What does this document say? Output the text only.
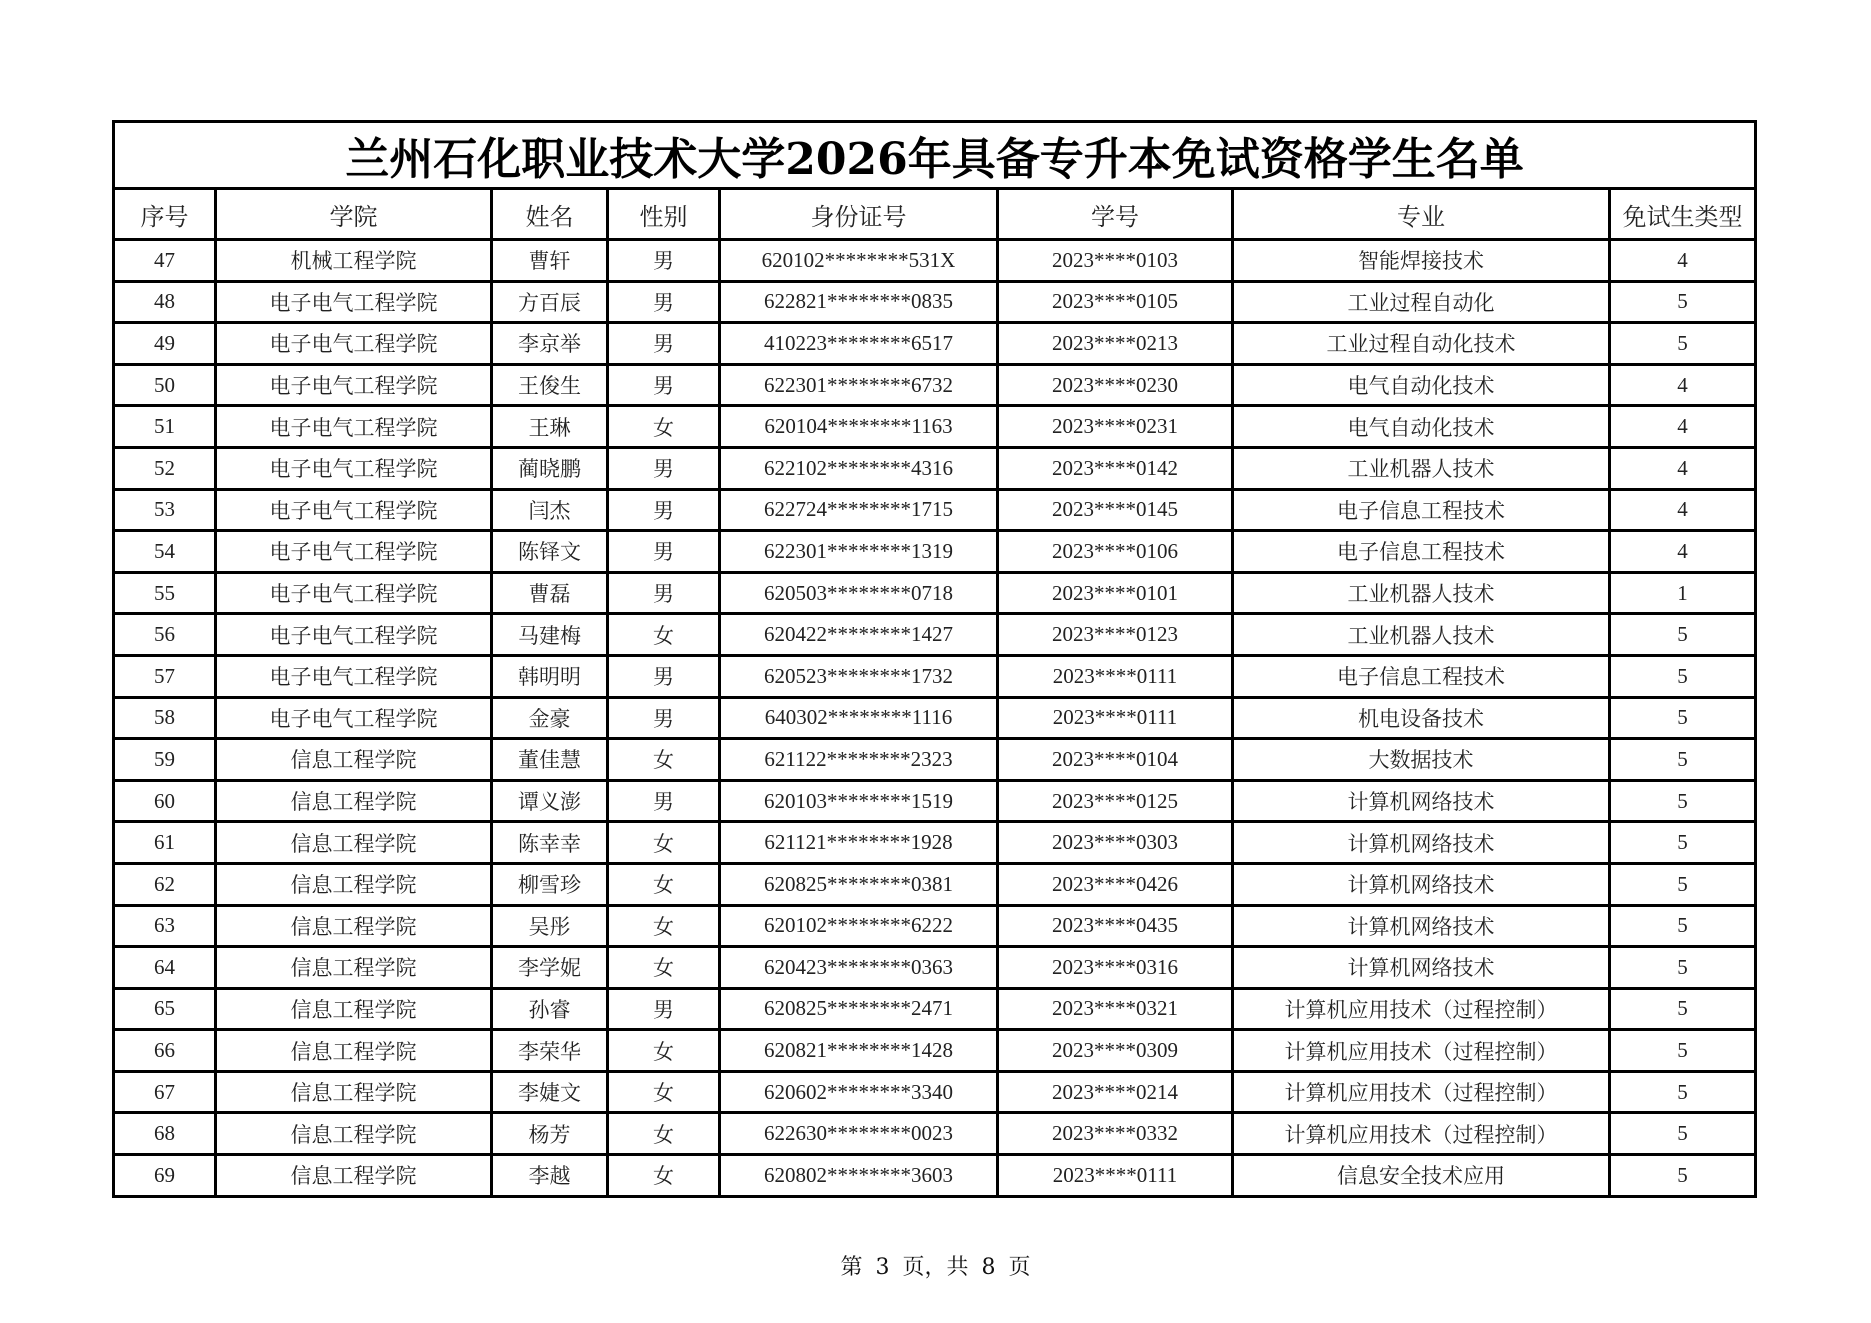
兰州石化职业技术大学2026年具备专升本免试资格学生名单							
序号	学院	姓名	性别	身份证号	学号	专业	免试生类型
47	机械工程学院	曹轩	男	620102********531X	2023****0103	智能焊接技术	4
48	电子电气工程学院	方百辰	男	622821********0835	2023****0105	工业过程自动化	5
49	电子电气工程学院	李京举	男	410223********6517	2023****0213	工业过程自动化技术	5
50	电子电气工程学院	王俊生	男	622301********6732	2023****0230	电气自动化技术	4
51	电子电气工程学院	王琳	女	620104********1163	2023****0231	电气自动化技术	4
52	电子电气工程学院	蔺晓鹏	男	622102********4316	2023****0142	工业机器人技术	4
53	电子电气工程学院	闫杰	男	622724********1715	2023****0145	电子信息工程技术	4
54	电子电气工程学院	陈铎文	男	622301********1319	2023****0106	电子信息工程技术	4
55	电子电气工程学院	曹磊	男	620503********0718	2023****0101	工业机器人技术	1
56	电子电气工程学院	马建梅	女	620422********1427	2023****0123	工业机器人技术	5
57	电子电气工程学院	韩明明	男	620523********1732	2023****0111	电子信息工程技术	5
58	电子电气工程学院	金豪	男	640302********1116	2023****0111	机电设备技术	5
59	信息工程学院	董佳慧	女	621122********2323	2023****0104	大数据技术	5
60	信息工程学院	谭义澎	男	620103********1519	2023****0125	计算机网络技术	5
61	信息工程学院	陈幸幸	女	621121********1928	2023****0303	计算机网络技术	5
62	信息工程学院	柳雪珍	女	620825********0381	2023****0426	计算机网络技术	5
63	信息工程学院	吴彤	女	620102********6222	2023****0435	计算机网络技术	5
64	信息工程学院	李学妮	女	620423********0363	2023****0316	计算机网络技术	5
65	信息工程学院	孙睿	男	620825********2471	2023****0321	计算机应用技术（过程控制）	5
66	信息工程学院	李荣华	女	620821********1428	2023****0309	计算机应用技术（过程控制）	5
67	信息工程学院	李婕文	女	620602********3340	2023****0214	计算机应用技术（过程控制）	5
68	信息工程学院	杨芳	女	622630********0023	2023****0332	计算机应用技术（过程控制）	5
69	信息工程学院	李越	女	620802********3603	2023****0111	信息安全技术应用	5
第 3 页，共 8 页
